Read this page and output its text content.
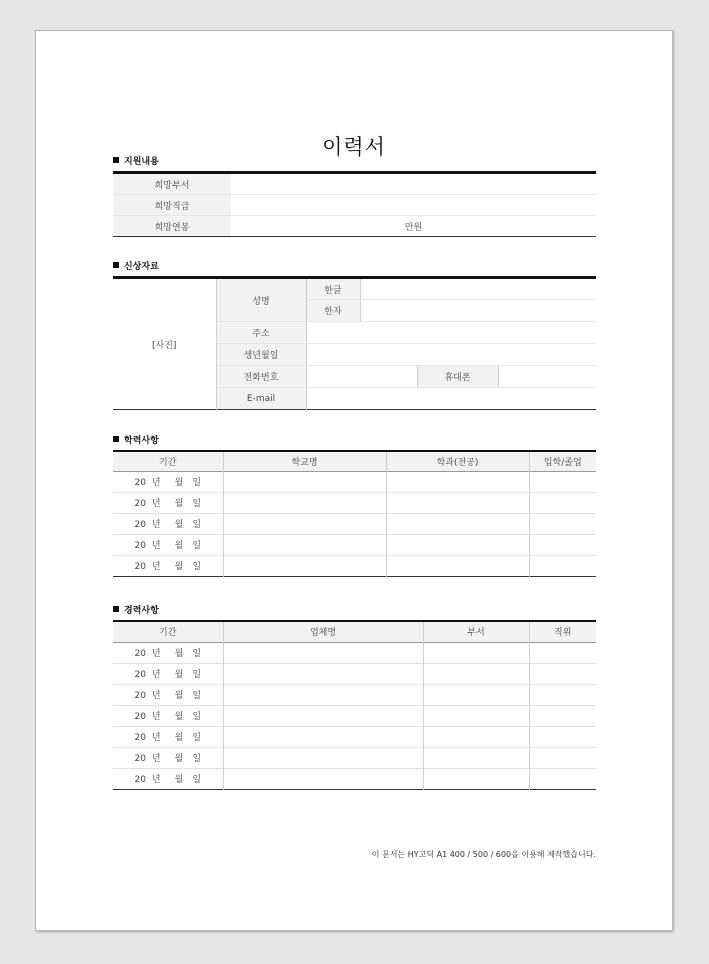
이력서
지원내용
희망부서	
희망직급	
희망연봉	만원
신상자료
[사진]	성명	한글			
		한자			
	주소				
	생년월일				
	전화번호			휴대폰	
	E-mail				
학력사항
기간	학교명	학과(전공)	입학/졸업
20 년 월 일			
20 년 월 일			
20 년 월 일			
20 년 월 일			
20 년 월 일			
경력사항
기간	업체명	부서	직위
20 년 월 일			
20 년 월 일			
20 년 월 일			
20 년 월 일			
20 년 월 일			
20 년 월 일			
20 년 월 일			
이 문서는 HY고딕 A1 400 / 500 / 600을 이용해 제작했습니다.
